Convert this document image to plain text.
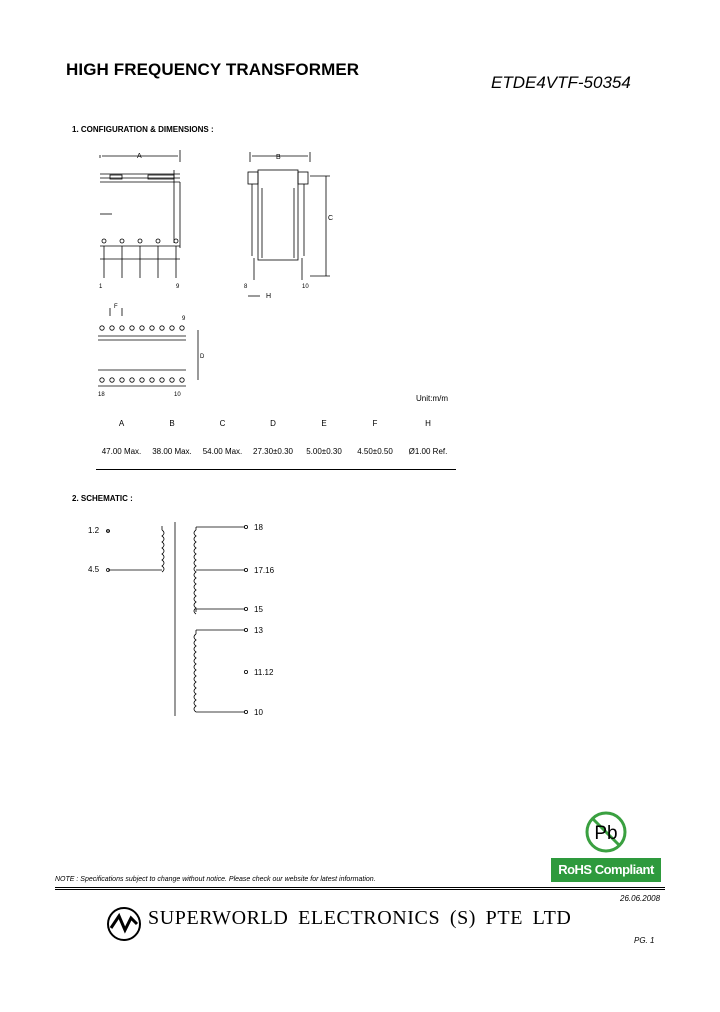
HIGH FREQUENCY TRANSFORMER
ETDE4VTF-50354
1. CONFIGURATION & DIMENSIONS :
A
1	9
B
C
8	10
H
F
9
D
18	10	Unit:m/m
A	B	C	D	E	F	H
47.00 Max.	38.00 Max.	54.00 Max.	27.30±0.30	5.00±0.30	4.50±0.50	Ø1.00 Ref.
2. SCHEMATIC :
1.2
4.5
18
17.16
15
13
11.12
10
Pb
RoHS Compliant
NOTE : Specifications subject to change without notice. Please check our website for latest information.
26.06.2008
SUPERWORLD ELECTRONICS (S) PTE LTD
PG. 1
